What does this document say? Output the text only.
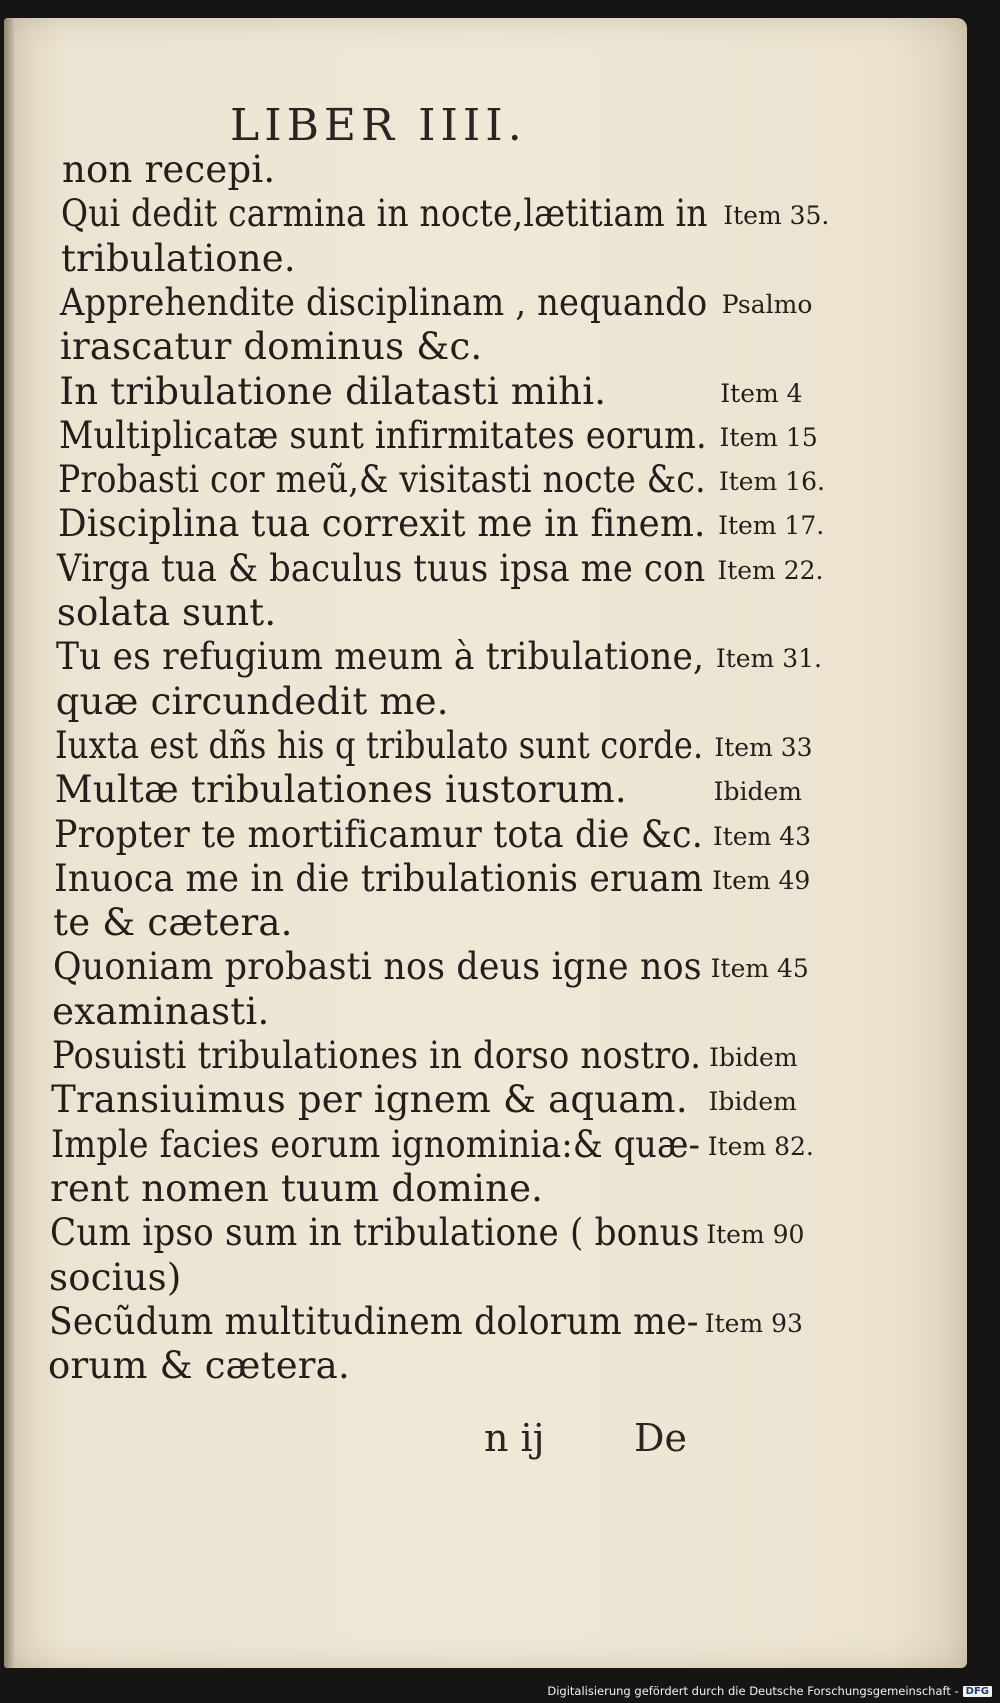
LIBER IIII.
non recepi.
Qui dedit carmina in nocte,lætitiam in Item 35.
tribulatione.
Apprehendite disciplinam , nequando Psalmo
irascatur dominus &c.
In tribulatione dilatasti mihi.	Item 4
Multiplicatæ sunt infirmitates eorum. Item 15
Probasti cor meũ,& visitasti nocte &c. Item 16.
Disciplina tua correxit me in finem. Item 17.
Virga tua & baculus tuus ipsa me con Item 22.
solata sunt.
Tu es refugium meum à tribulatione, Item 31.
quæ circundedit me.
Iuxta est dñs his q tribulato sunt corde. Item 33
Multæ tribulationes iustorum.	Ibidem
Propter te mortificamur tota die &c. Item 43
Inuoca me in die tribulationis eruam Item 49
te & cætera.
Quoniam probasti nos deus igne nos Item 45
examinasti.
Posuisti tribulationes in dorso nostro. Ibidem
Transiuimus per ignem & aquam. Ibidem
Imple facies eorum ignominia:& quæ- Item 82.
rent nomen tuum domine.
Cum ipso sum in tribulatione ( bonus Item 90
socius)
Secũdum multitudinem dolorum me- Item 93
orum & cætera.
n ij De
Digitalisierung gefördert durch die Deutsche Forschungsgemeinschaft - DFG
